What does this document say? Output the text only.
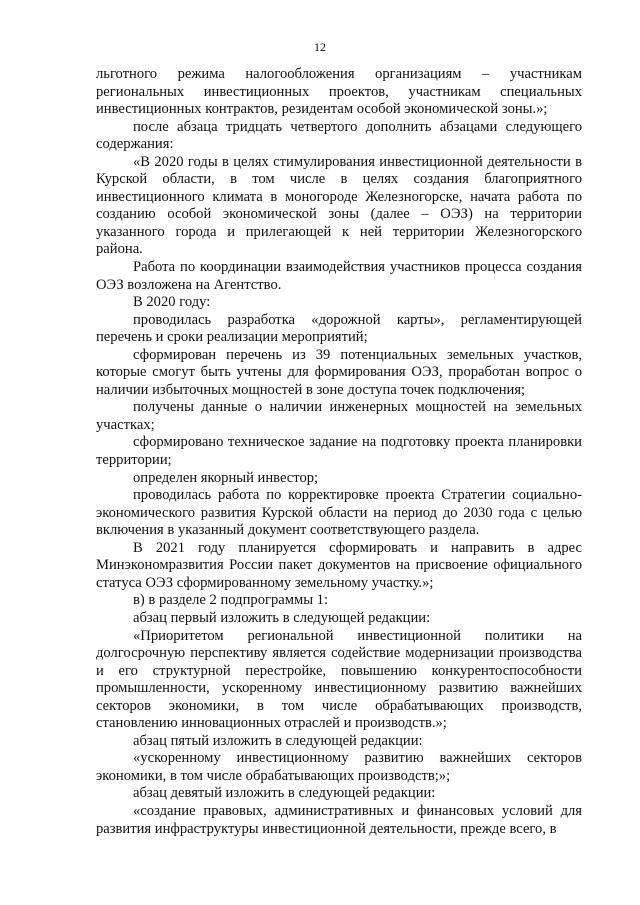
12

льготного режима налогообложения организациям – участникам региональных инвестиционных проектов, участникам специальных инвестиционных контрактов, резидентам особой экономической зоны.»;

после абзаца тридцать четвертого дополнить абзацами следующего содержания:

«В 2020 годы в целях стимулирования инвестиционной деятельности в Курской области, в том числе в целях создания благоприятного инвестиционного климата в моногороде Железногорске, начата работа по созданию особой экономической зоны (далее – ОЭЗ) на территории указанного города и прилегающей к ней территории Железногорского района.

Работа по координации взаимодействия участников процесса создания ОЭЗ возложена на Агентство.

В 2020 году:

проводилась разработка «дорожной карты», регламентирующей перечень и сроки реализации мероприятий;

сформирован перечень из 39 потенциальных земельных участков, которые смогут быть учтены для формирования ОЭЗ, проработан вопрос о наличии избыточных мощностей в зоне доступа точек подключения;

получены данные о наличии инженерных мощностей на земельных участках;

сформировано техническое задание на подготовку проекта планировки территории;

определен якорный инвестор;

проводилась работа по корректировке проекта Стратегии социально-экономического развития Курской области на период до 2030 года с целью включения в указанный документ соответствующего раздела.

В 2021 году планируется сформировать и направить в адрес Минэкономразвития России пакет документов на присвоение официального статуса ОЭЗ сформированному земельному участку.»;

в) в разделе 2 подпрограммы 1:

абзац первый изложить в следующей редакции:

«Приоритетом региональной инвестиционной политики на долгосрочную перспективу является содействие модернизации производства и его структурной перестройке, повышению конкурентоспособности промышленности, ускоренному инвестиционному развитию важнейших секторов экономики, в том числе обрабатывающих производств, становлению инновационных отраслей и производств.»;

абзац пятый изложить в следующей редакции:

«ускоренному инвестиционному развитию важнейших секторов экономики, в том числе обрабатывающих производств;»;

абзац девятый изложить в следующей редакции:

«создание правовых, административных и финансовых условий для развития инфраструктуры инвестиционной деятельности, прежде всего, в
